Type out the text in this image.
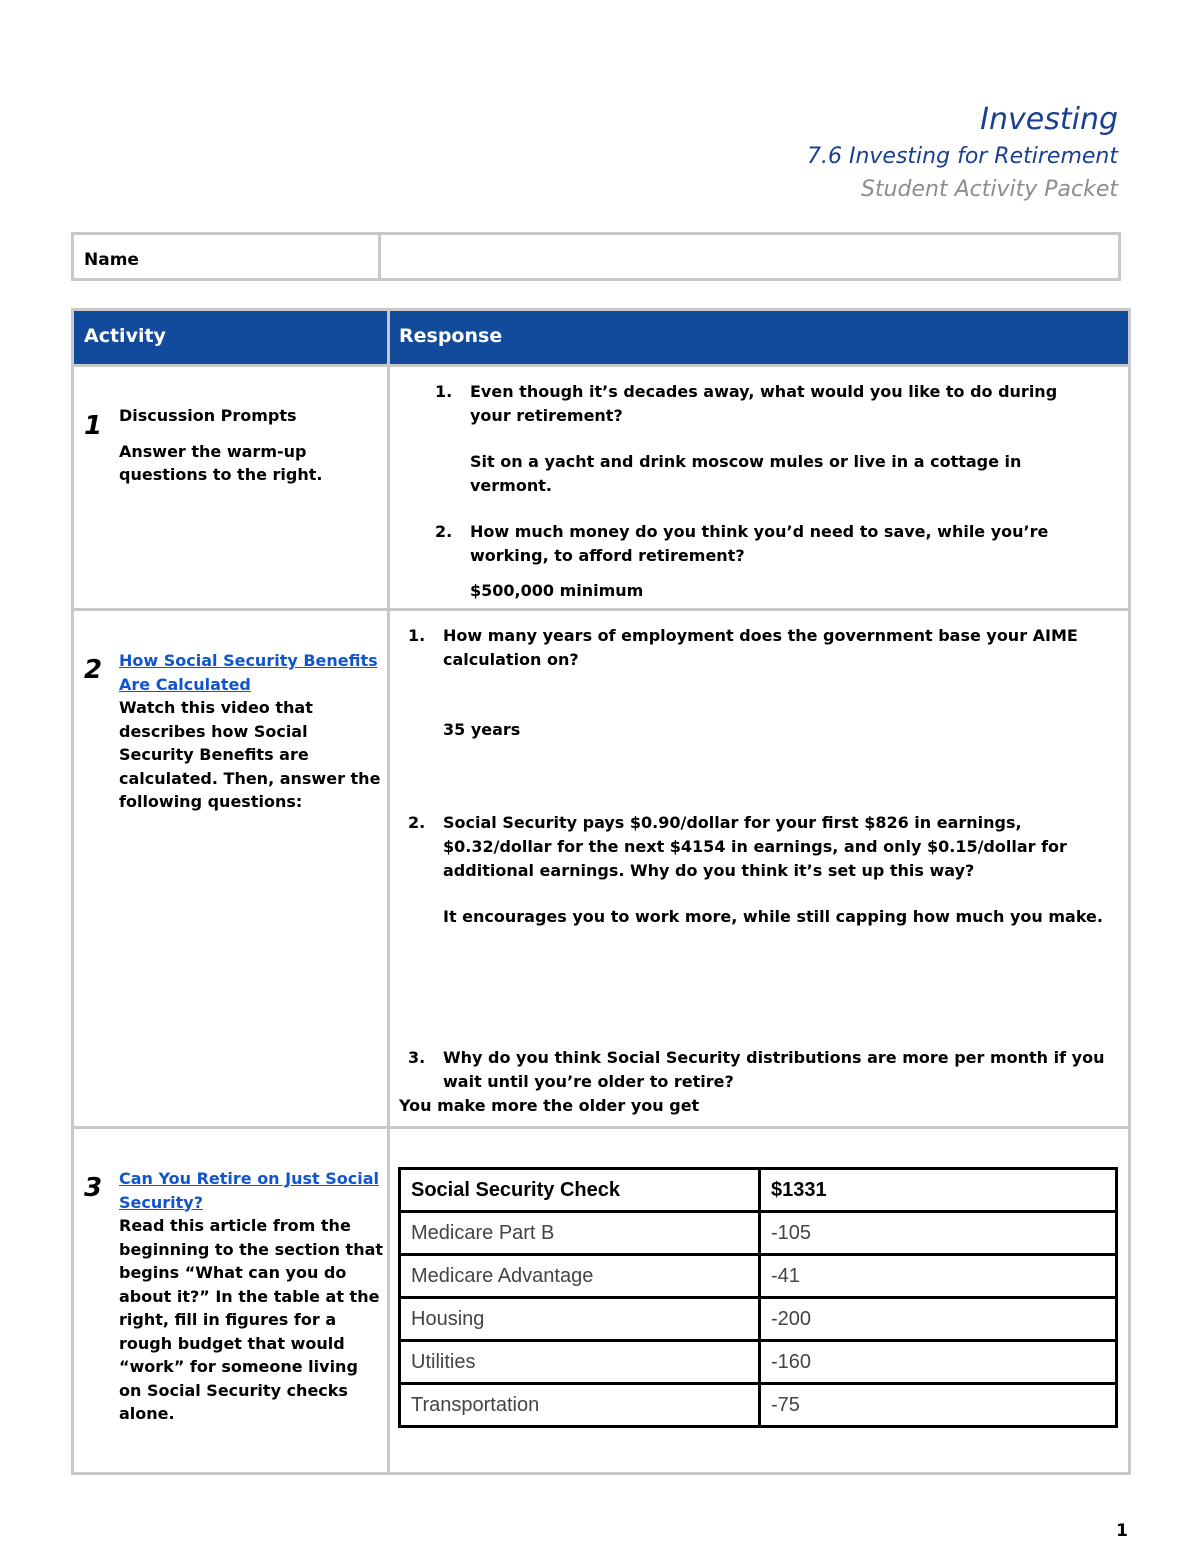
Investing
7.6 Investing for Retirement
Student Activity Packet
Name
Activity	Response
1 Discussion Prompts
Answer the warm-up questions to the right.
1. Even though it’s decades away, what would you like to do during your retirement?
Sit on a yacht and drink moscow mules or live in a cottage in vermont.
2. How much money do you think you’d need to save, while you’re working, to afford retirement?
$500,000 minimum
2 How Social Security Benefits Are Calculated
Watch this video that describes how Social Security Benefits are calculated. Then, answer the following questions:
1. How many years of employment does the government base your AIME calculation on?
35 years
2. Social Security pays $0.90/dollar for your first $826 in earnings, $0.32/dollar for the next $4154 in earnings, and only $0.15/dollar for additional earnings. Why do you think it’s set up this way?
It encourages you to work more, while still capping how much you make.
3. Why do you think Social Security distributions are more per month if you wait until you’re older to retire?
You make more the older you get
3 Can You Retire on Just Social Security?
Read this article from the beginning to the section that begins “What can you do about it?” In the table at the right, fill in figures for a rough budget that would “work” for someone living on Social Security checks alone.
Social Security Check	$1331
Medicare Part B	-105
Medicare Advantage	-41
Housing	-200
Utilities	-160
Transportation	-75
1
